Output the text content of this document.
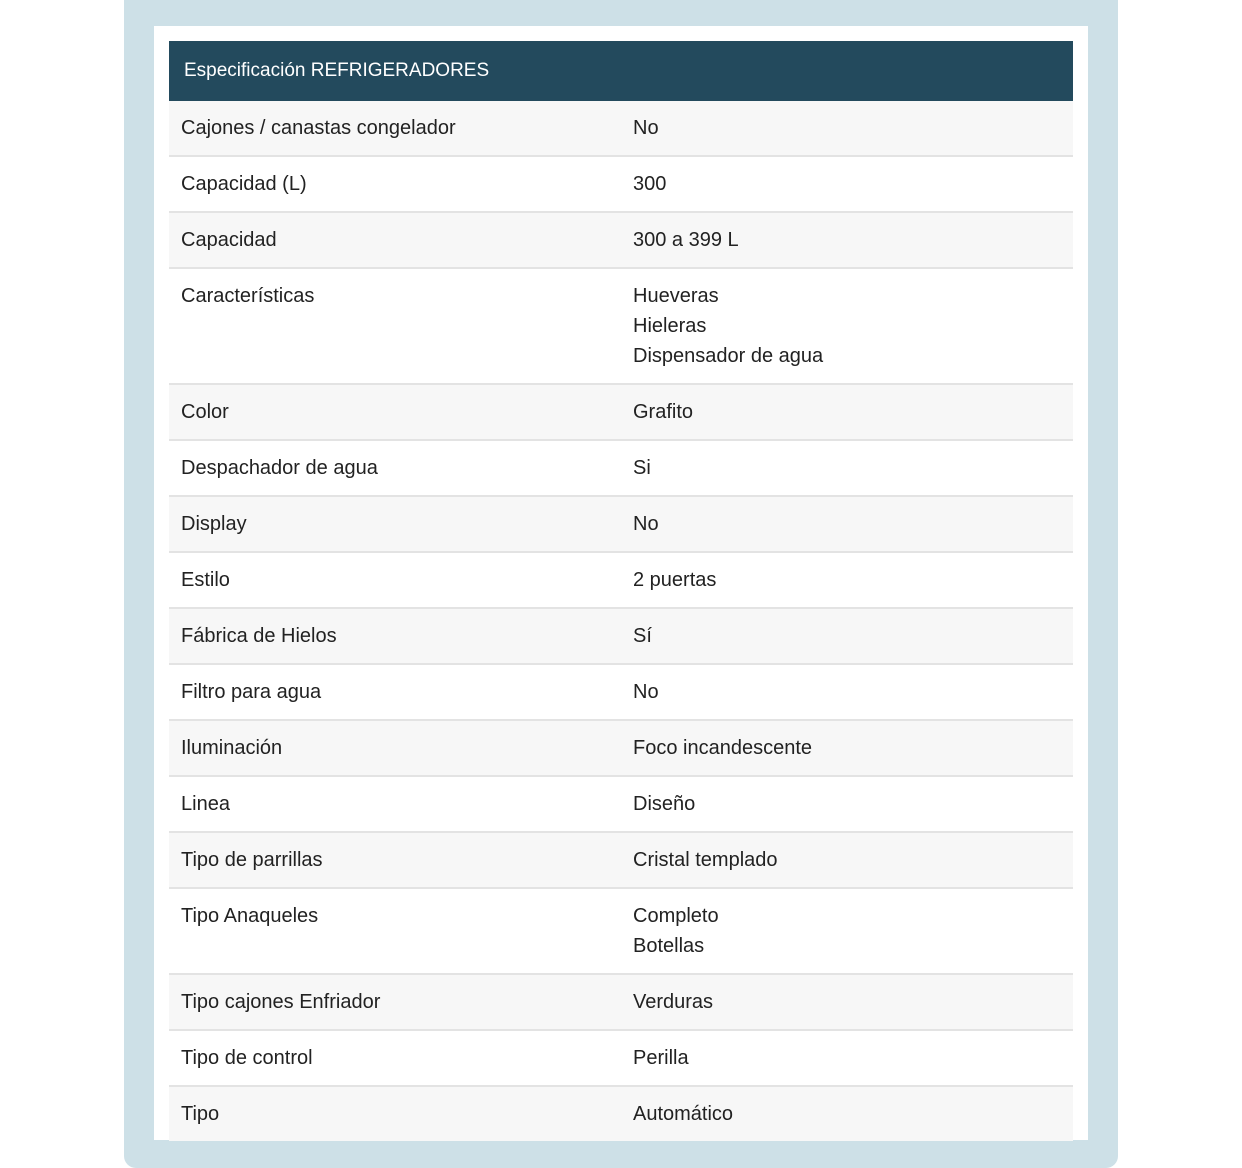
Especificación REFRIGERADORES
Cajones / canastas congelador	No
Capacidad (L)	300
Capacidad	300 a 399 L
Características	Hueveras
Hieleras
Dispensador de agua
Color	Grafito
Despachador de agua	Si
Display	No
Estilo	2 puertas
Fábrica de Hielos	Sí
Filtro para agua	No
Iluminación	Foco incandescente
Linea	Diseño
Tipo de parrillas	Cristal templado
Tipo Anaqueles	Completo
Botellas
Tipo cajones Enfriador	Verduras
Tipo de control	Perilla
Tipo	Automático
